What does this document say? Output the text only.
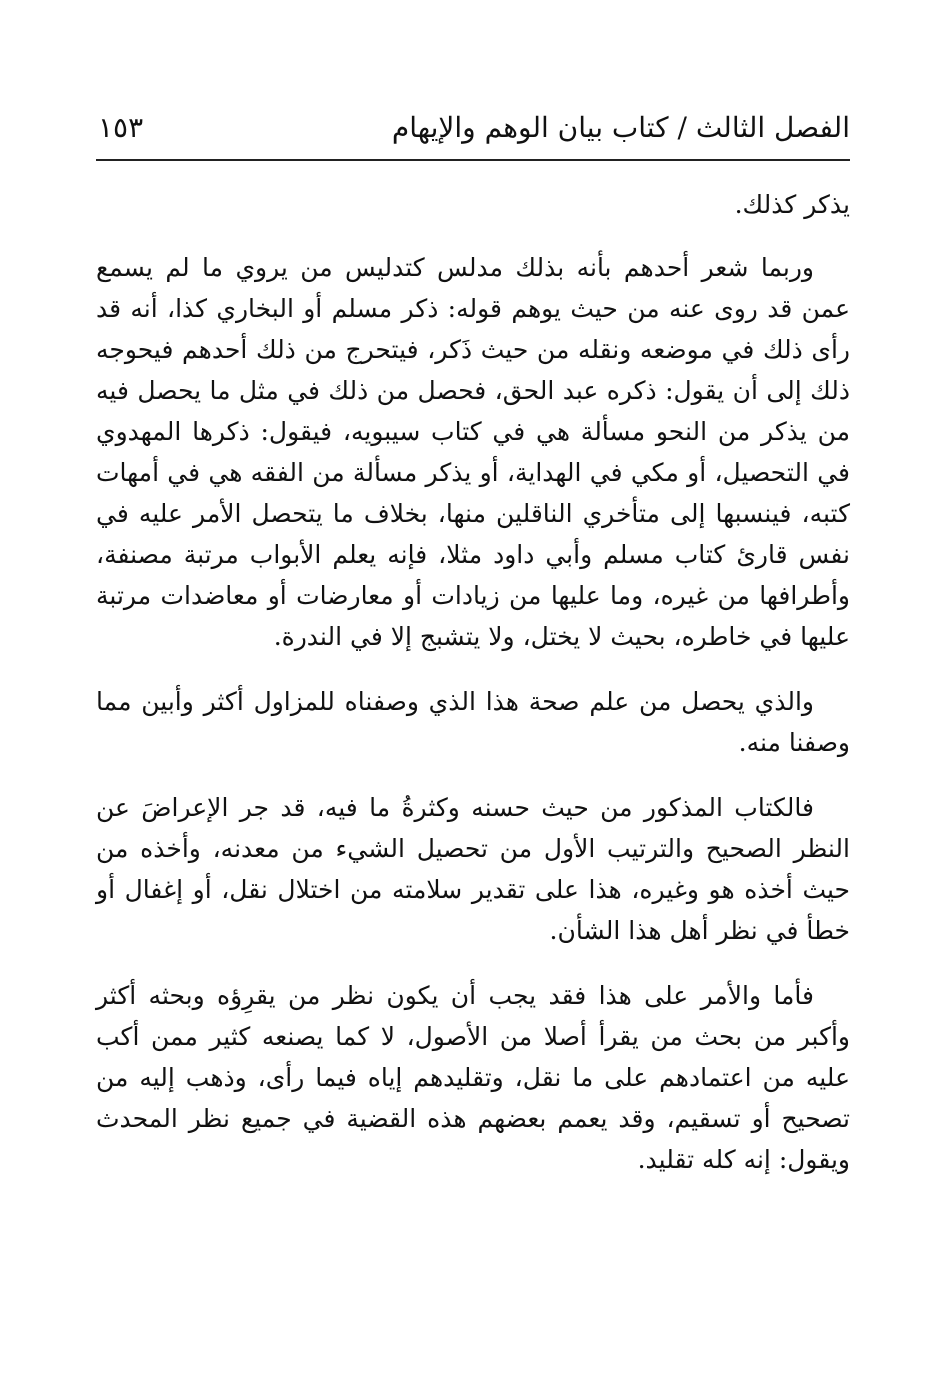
الفصل الثالث / كتاب بيان الوهم والإيهام
١٥٣

يذكر كذلك.

وربما شعر أحدهم بأنه بذلك مدلس كتدليس من يروي ما لم يسمع عمن قد روى عنه من حيث يوهم قوله: ذكر مسلم أو البخاري كذا، أنه قد رأى ذلك في موضعه ونقله من حيث ذَكر، فيتحرج من ذلك أحدهم فيحوجه ذلك إلى أن يقول: ذكره عبد الحق، فحصل من ذلك في مثل ما يحصل فيه من يذكر من النحو مسألة هي في كتاب سيبويه، فيقول: ذكرها المهدوي في التحصيل، أو مكي في الهداية، أو يذكر مسألة من الفقه هي في أمهات كتبه، فينسبها إلى متأخري الناقلين منها، بخلاف ما يتحصل الأمر عليه في نفس قارئ كتاب مسلم وأبي داود مثلا، فإنه يعلم الأبواب مرتبة مصنفة، وأطرافها من غيره، وما عليها من زيادات أو معارضات أو معاضدات مرتبة عليها في خاطره، بحيث لا يختل، ولا يتشبج إلا في الندرة.

والذي يحصل من علم صحة هذا الذي وصفناه للمزاول أكثر وأبين مما وصفنا منه.

فالكتاب المذكور من حيث حسنه وكثرةُ ما فيه، قد جر الإعراضَ عن النظر الصحيح والترتيب الأول من تحصيل الشيء من معدنه، وأخذه من حيث أخذه هو وغيره، هذا على تقدير سلامته من اختلال نقل، أو إغفال أو خطأ في نظر أهل هذا الشأن.

فأما والأمر على هذا فقد يجب أن يكون نظر من يقرِؤه وبحثه أكثر وأكبر من بحث من يقرأ أصلا من الأصول، لا كما يصنعه كثير ممن أكب عليه من اعتمادهم على ما نقل، وتقليدهم إياه فيما رأى، وذهب إليه من تصحيح أو تسقيم، وقد يعمم بعضهم هذه القضية في جميع نظر المحدث ويقول: إنه كله تقليد.
